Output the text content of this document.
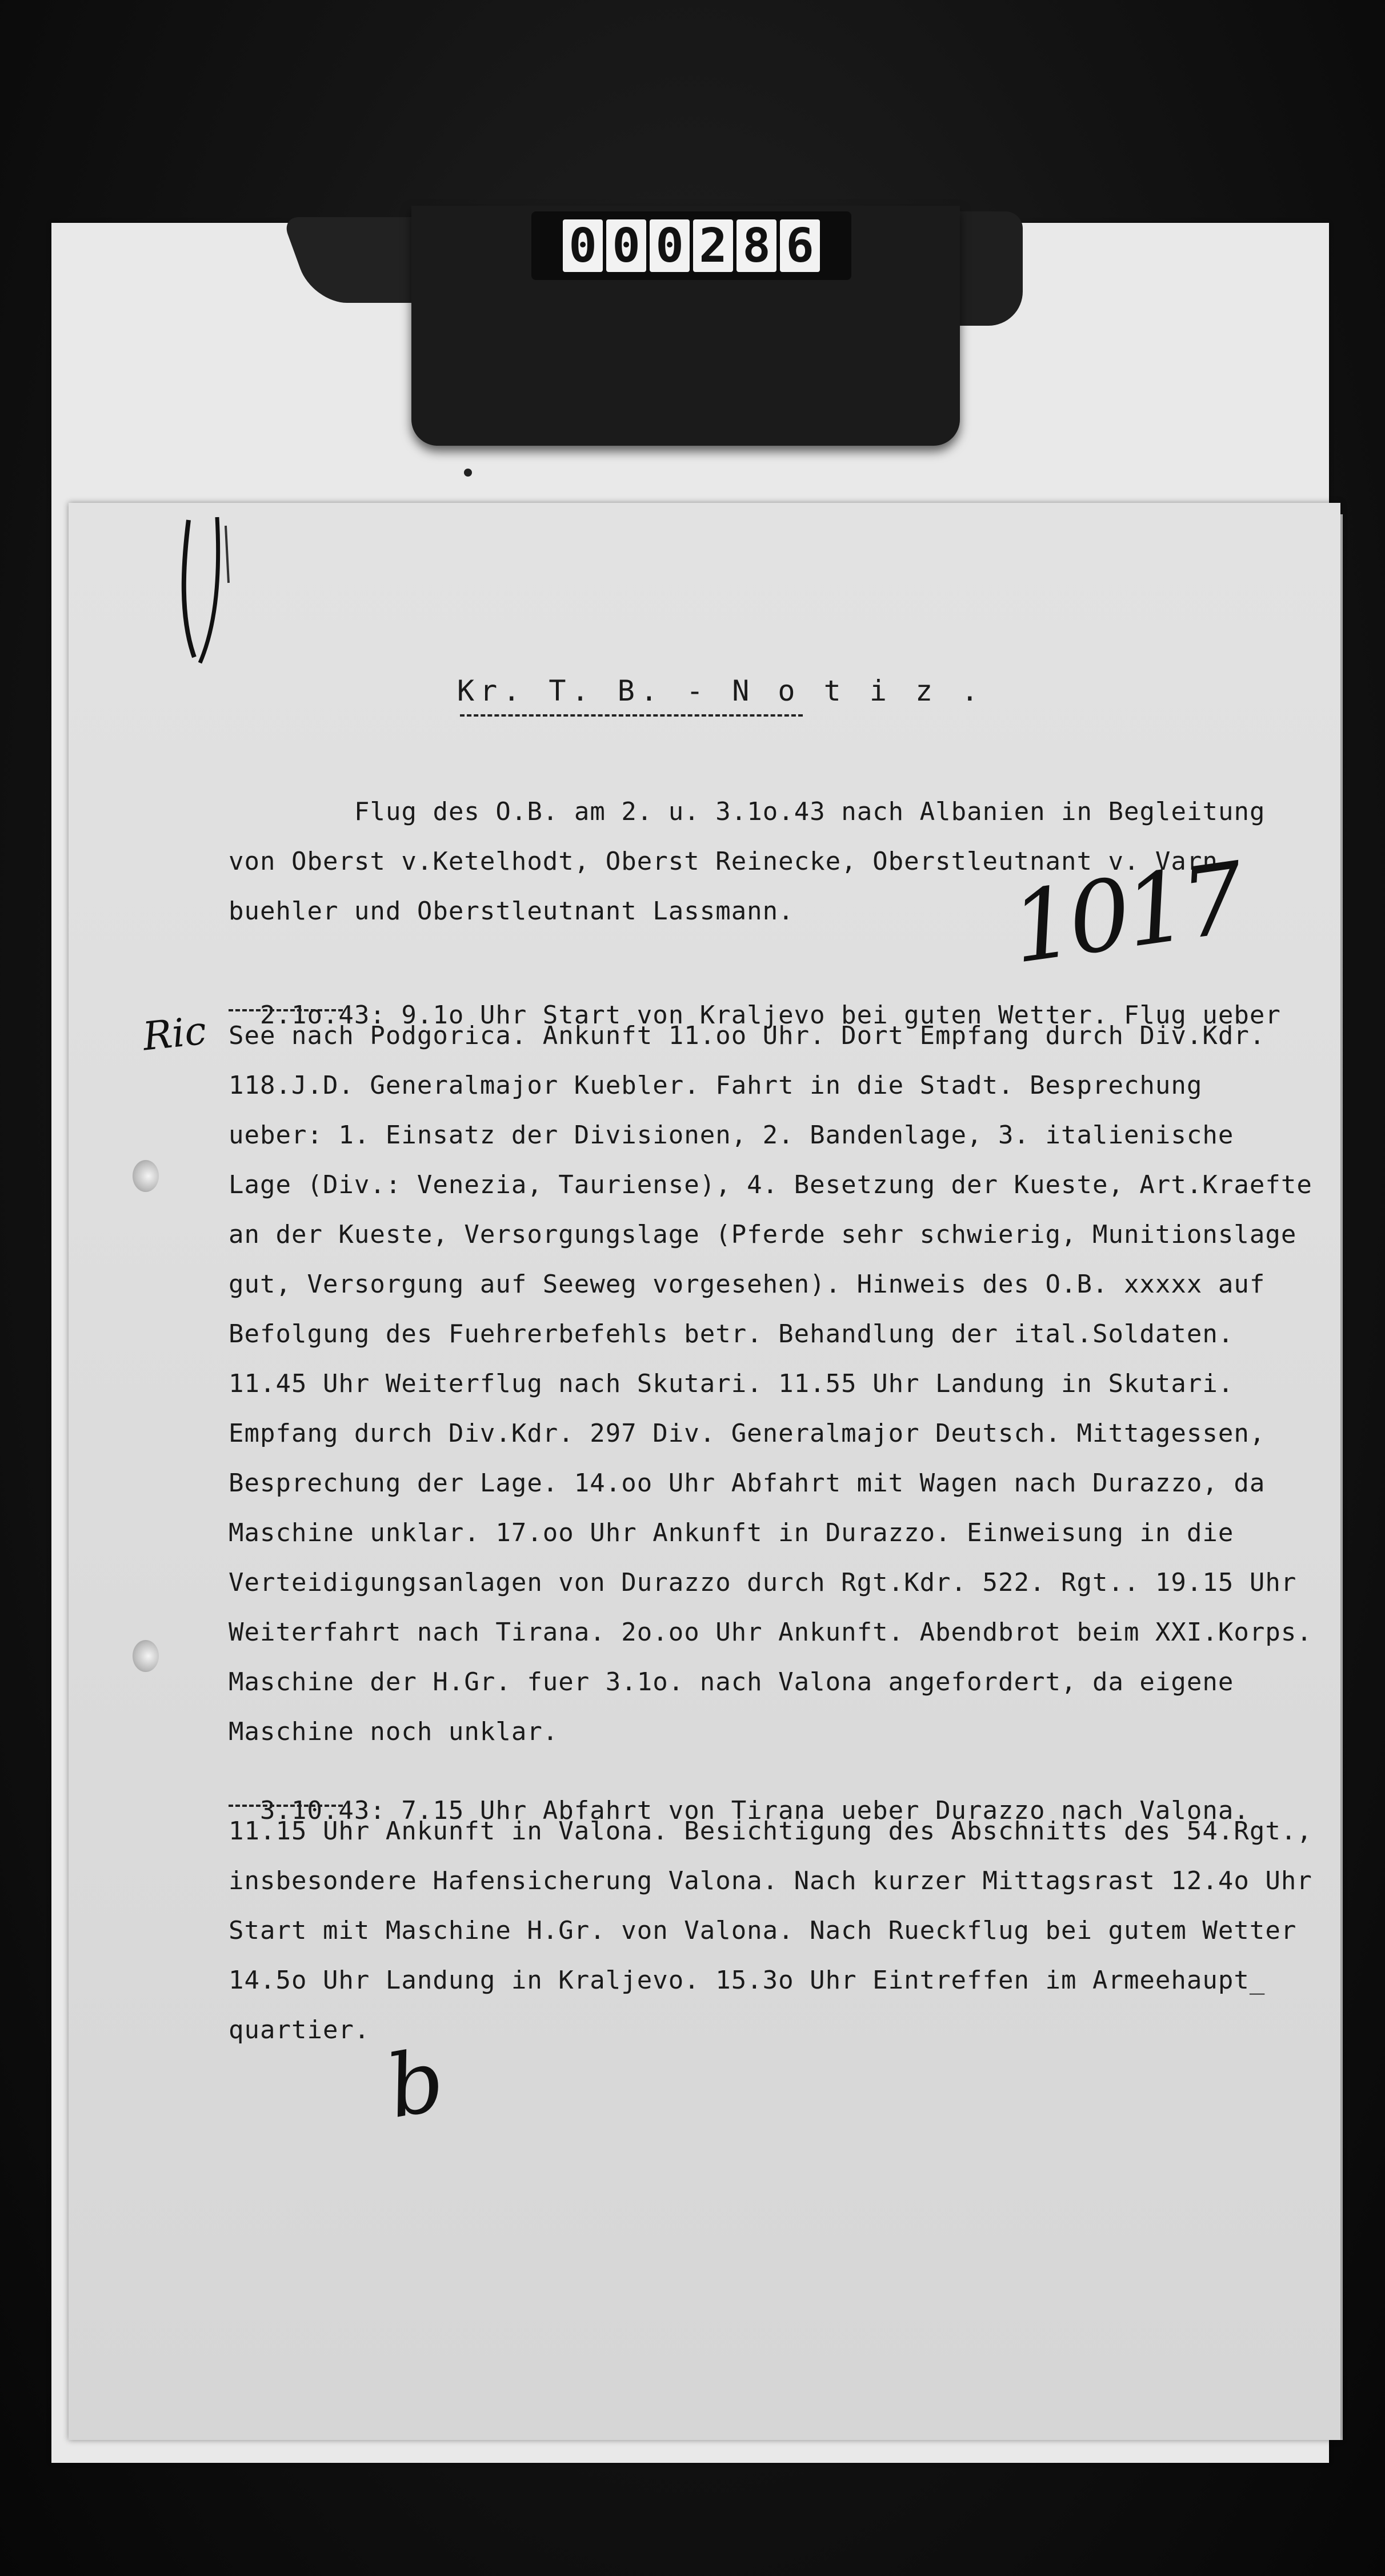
0 0 0 2 8 6
Kr. T. B. - N o t i z .
Flug des O.B. am 2. u. 3.1o.43 nach Albanien in Begleitung
von Oberst v.Ketelhodt, Oberst Reinecke, Oberstleutnant v. Varn-
buehler und Oberstleutnant Lassmann. 1017

2.1o.43: 9.1o Uhr Start von Kraljevo bei guten Wetter. Flug ueber

Ric See nach Podgorica. Ankunft 11.oo Uhr. Dort Empfang durch Div.Kdr.
118.J.D. Generalmajor Kuebler. Fahrt in die Stadt. Besprechung
ueber: 1. Einsatz der Divisionen, 2. Bandenlage, 3. italienische
Lage (Div.: Venezia, Tauriense), 4. Besetzung der Kueste, Art.Kraefte
an der Kueste, Versorgungslage (Pferde sehr schwierig, Munitionslage
gut, Versorgung auf Seeweg vorgesehen). Hinweis des O.B. xxxxx auf
Befolgung des Fuehrerbefehls betr. Behandlung der ital.Soldaten.
11.45 Uhr Weiterflug nach Skutari. 11.55 Uhr Landung in Skutari.
Empfang durch Div.Kdr. 297 Div. Generalmajor Deutsch. Mittagessen,
Besprechung der Lage. 14.oo Uhr Abfahrt mit Wagen nach Durazzo, da
Maschine unklar. 17.oo Uhr Ankunft in Durazzo. Einweisung in die
Verteidigungsanlagen von Durazzo durch Rgt.Kdr. 522. Rgt.. 19.15 Uhr
Weiterfahrt nach Tirana. 2o.oo Uhr Ankunft. Abendbrot beim XXI.Korps.
Maschine der H.Gr. fuer 3.1o. nach Valona angefordert, da eigene
Maschine noch unklar.

3.10.43: 7.15 Uhr Abfahrt von Tirana ueber Durazzo nach Valona.

11.15 Uhr Ankunft in Valona. Besichtigung des Abschnitts des 54.Rgt.,
insbesondere Hafensicherung Valona. Nach kurzer Mittagsrast 12.4o Uhr
Start mit Maschine H.Gr. von Valona. Nach Rueckflug bei gutem Wetter
14.5o Uhr Landung in Kraljevo. 15.3o Uhr Eintreffen im Armeehaupt_
quartier.
b
